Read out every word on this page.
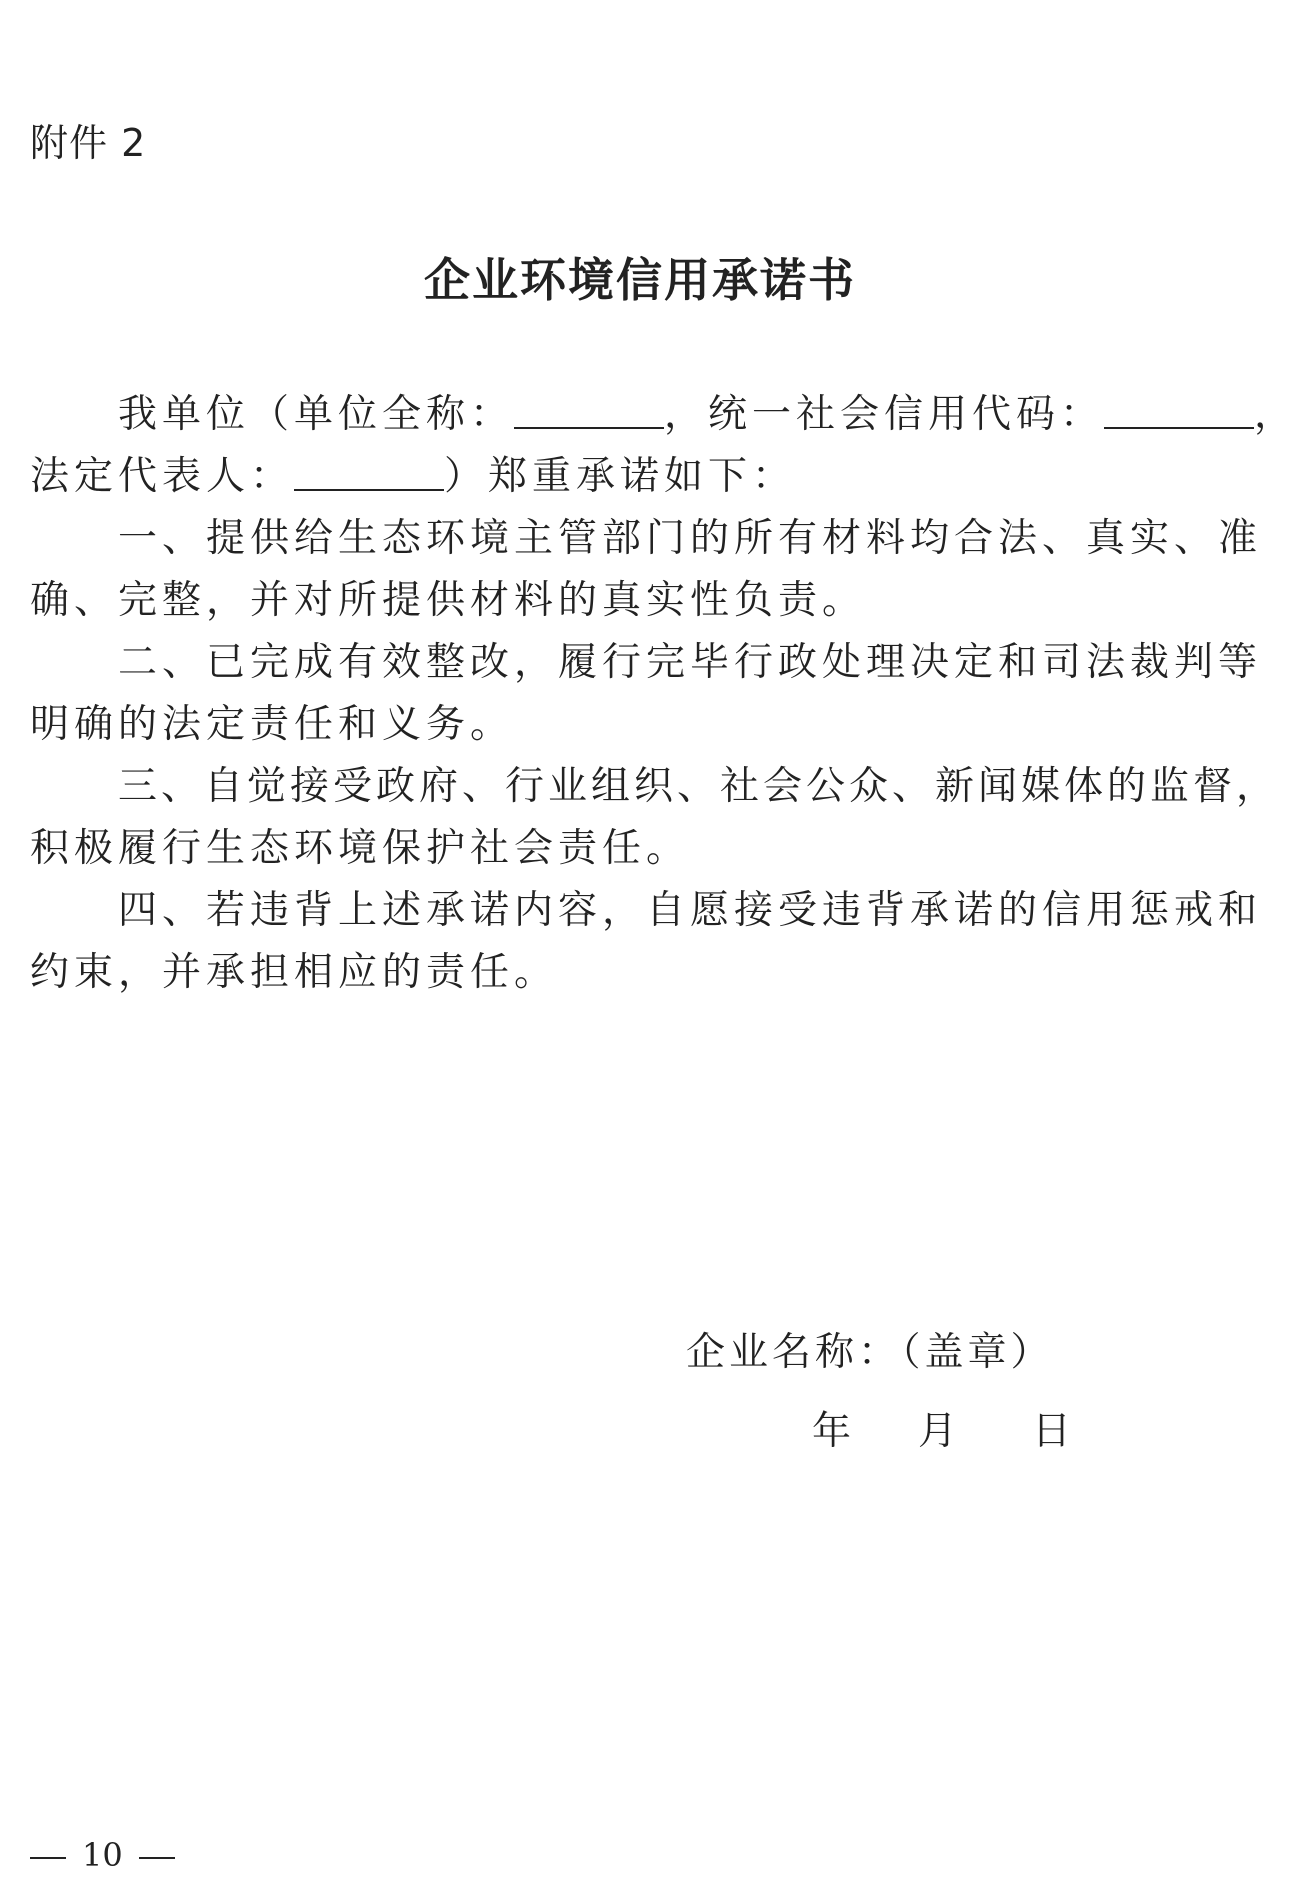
附件 2
企业环境信用承诺书
我单位（单位全称：	，统一社会信用代码：	，
法定代表人：	）郑重承诺如下：
一、提供给生态环境主管部门的所有材料均合法、真实、准
确、完整，并对所提供材料的真实性负责。
二、已完成有效整改，履行完毕行政处理决定和司法裁判等
明确的法定责任和义务。
三、自觉接受政府、行业组织、社会公众、新闻媒体的监督，
积极履行生态环境保护社会责任。
四、若违背上述承诺内容，自愿接受违背承诺的信用惩戒和
约束，并承担相应的责任。
企业名称：（盖章）
年 月 日
10
